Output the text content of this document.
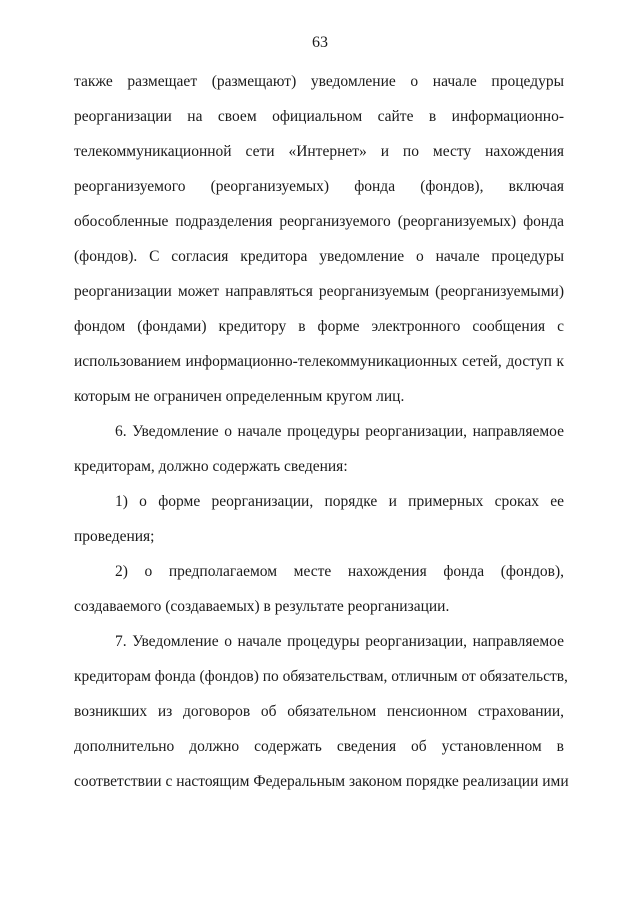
63
также размещает (размещают) уведомление о начале процедуры
реорганизации на своем официальном сайте в информационно-
телекоммуникационной сети «Интернет» и по месту нахождения
реорганизуемого (реорганизуемых) фонда (фондов), включая
обособленные подразделения реорганизуемого (реорганизуемых) фонда
(фондов). С согласия кредитора уведомление о начале процедуры
реорганизации может направляться реорганизуемым (реорганизуемыми)
фондом (фондами) кредитору в форме электронного сообщения с
использованием информационно-телекоммуникационных сетей, доступ к
которым не ограничен определенным кругом лиц.
6. Уведомление о начале процедуры реорганизации, направляемое
кредиторам, должно содержать сведения:
1) о форме реорганизации, порядке и примерных сроках ее
проведения;
2) о предполагаемом месте нахождения фонда (фондов),
создаваемого (создаваемых) в результате реорганизации.
7. Уведомление о начале процедуры реорганизации, направляемое
кредиторам фонда (фондов) по обязательствам, отличным от обязательств,
возникших из договоров об обязательном пенсионном страховании,
дополнительно должно содержать сведения об установленном в
соответствии с настоящим Федеральным законом порядке реализации ими
